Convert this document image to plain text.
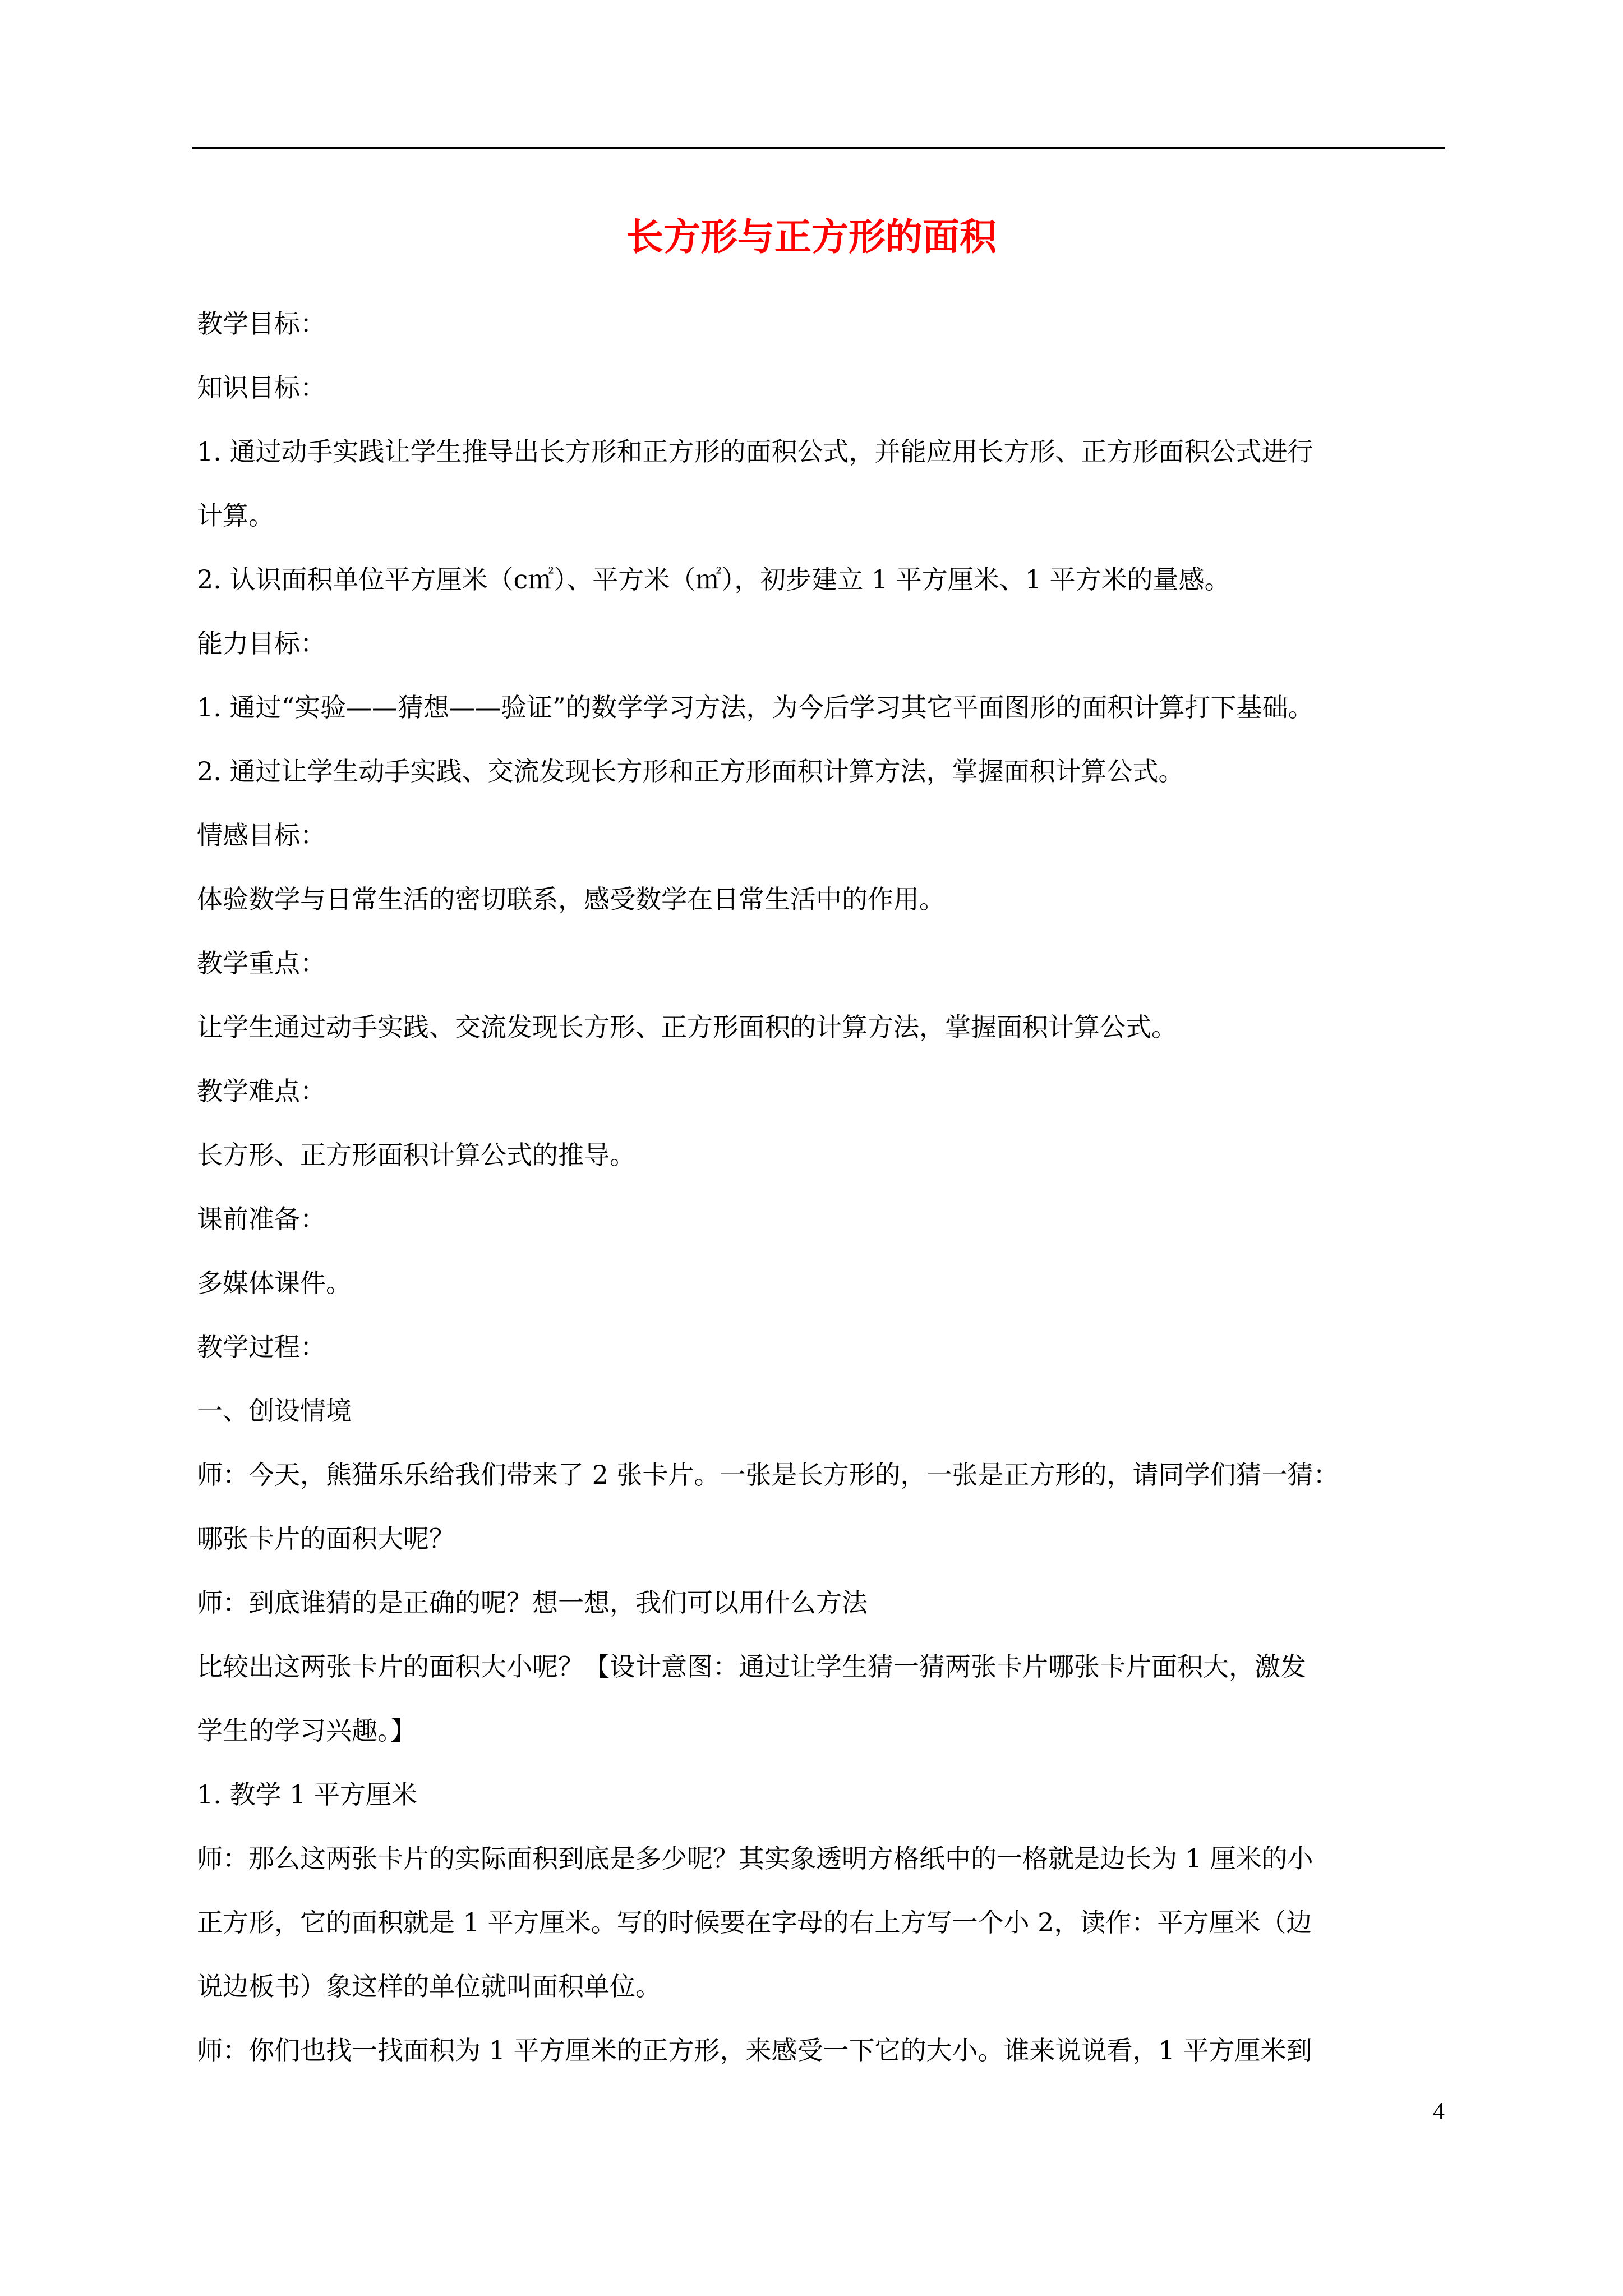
长方形与正方形的面积
教学目标：
知识目标：
1. 通过动手实践让学生推导出长方形和正方形的面积公式，并能应用长方形、正方形面积公式进行
计算。
2. 认识面积单位平方厘米（c㎡）、平方米（㎡），初步建立 1 平方厘米、1 平方米的量感。
能力目标：
1. 通过“实验——猜想——验证”的数学学习方法，为今后学习其它平面图形的面积计算打下基础。
2. 通过让学生动手实践、交流发现长方形和正方形面积计算方法，掌握面积计算公式。
情感目标：
体验数学与日常生活的密切联系，感受数学在日常生活中的作用。
教学重点：
让学生通过动手实践、交流发现长方形、正方形面积的计算方法，掌握面积计算公式。
教学难点：
长方形、正方形面积计算公式的推导。
课前准备：
多媒体课件。
教学过程：
一、创设情境
师：今天，熊猫乐乐给我们带来了 2 张卡片。一张是长方形的，一张是正方形的，请同学们猜一猜：
哪张卡片的面积大呢？
师：到底谁猜的是正确的呢？想一想，我们可以用什么方法
比较出这两张卡片的面积大小呢？【设计意图：通过让学生猜一猜两张卡片哪张卡片面积大，激发
学生的学习兴趣。】
1. 教学 1 平方厘米
师：那么这两张卡片的实际面积到底是多少呢？其实象透明方格纸中的一格就是边长为 1 厘米的小
正方形，它的面积就是 1 平方厘米。写的时候要在字母的右上方写一个小 2，读作：平方厘米（边
说边板书）象这样的单位就叫面积单位。
师：你们也找一找面积为 1 平方厘米的正方形，来感受一下它的大小。谁来说说看，1 平方厘米到
4
